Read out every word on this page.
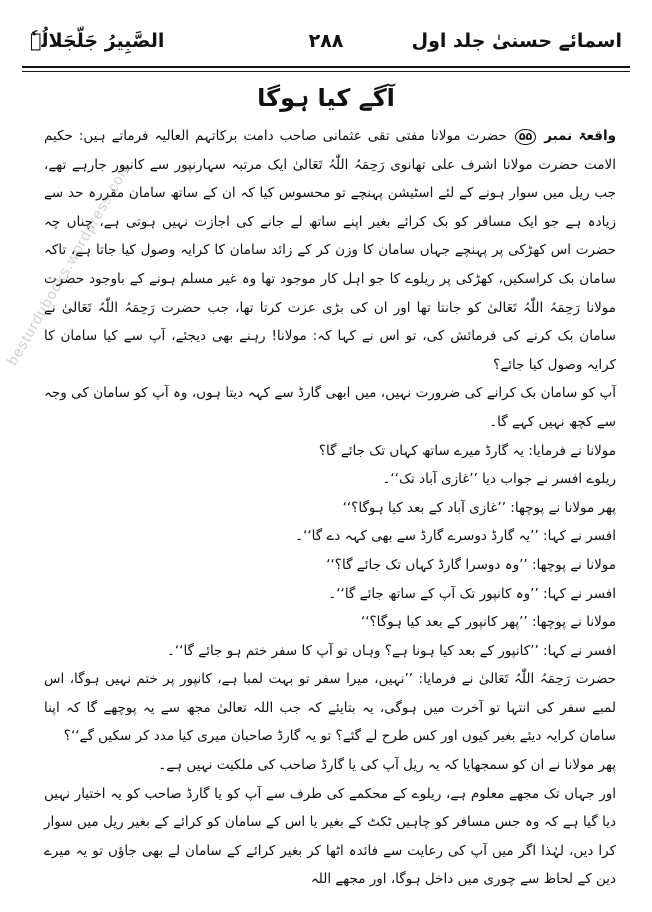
اسمائے حسنیٰ جلد اول
۲۸۸
الصَّبِیرُ جَلّجَلالُہٗ
besturdubooks.wordpress.com
آگے کیا ہوگا

واقعۃ نمبر ۵۵ حضرت مولانا مفتی تقی عثمانی صاحب دامت برکاتہم العالیہ فرماتے ہیں: حکیم الامت حضرت مولانا اشرف علی تھانوی رَحِمَہُ اللّٰہُ تَعَالیٰ ایک مرتبہ سہارنپور سے کانپور جارہے تھے، جب ریل میں سوار ہونے کے لئے اسٹیشن پہنچے تو محسوس کیا کہ ان کے ساتھ سامان مقررہ حد سے زیادہ ہے جو ایک مسافر کو بک کرائے بغیر اپنے ساتھ لے جانے کی اجازت نہیں ہوتی ہے، چناں چہ حضرت اس کھڑکی پر پہنچے جہاں سامان کا وزن کر کے زائد سامان کا کرایہ وصول کیا جاتا ہے، تاکہ سامان بک کراسکیں، کھڑکی پر ریلوے کا جو اہل کار موجود تھا وہ غیر مسلم ہونے کے باوجود حضرت مولانا رَحِمَہُ اللّٰہُ تَعَالیٰ کو جانتا تھا اور ان کی بڑی عزت کرتا تھا، جب حضرت رَحِمَہُ اللّٰہُ تَعَالیٰ نے سامان بک کرنے کی فرمائش کی، تو اس نے کہا کہ: مولانا! رہنے بھی دیجئے، آپ سے کیا سامان کا کرایہ وصول کیا جائے؟

آپ کو سامان بک کرانے کی ضرورت نہیں، میں ابھی گارڈ سے کہہ دیتا ہوں، وہ آپ کو سامان کی وجہ سے کچھ نہیں کہے گا۔

مولانا نے فرمایا: یہ گارڈ میرے ساتھ کہاں تک جائے گا؟

ریلوے افسر نے جواب دیا ’’غازی آباد تک‘‘۔

پھر مولانا نے پوچھا: ’’غازی آباد کے بعد کیا ہوگا؟‘‘

افسر نے کہا: ’’یہ گارڈ دوسرے گارڈ سے بھی کہہ دے گا‘‘۔

مولانا نے پوچھا: ’’وہ دوسرا گارڈ کہاں تک جائے گا؟‘‘

افسر نے کہا: ’’وہ کانپور تک آپ کے ساتھ جائے گا‘‘۔

مولانا نے پوچھا: ’’پھر کانپور کے بعد کیا ہوگا؟‘‘

افسر نے کہا: ’’کانپور کے بعد کیا ہونا ہے؟ وہاں تو آپ کا سفر ختم ہو جائے گا‘‘۔

حضرت رَحِمَہُ اللّٰہُ تَعَالیٰ نے فرمایا: ’’نہیں، میرا سفر تو بہت لمبا ہے، کانپور پر ختم نہیں ہوگا، اس لمبے سفر کی انتہا تو آخرت میں ہوگی، یہ بتایئے کہ جب اللہ تعالیٰ مجھ سے یہ پوچھے گا کہ اپنا سامان کرایہ دیئے بغیر کیوں اور کس طرح لے گئے؟ تو یہ گارڈ صاحبان میری کیا مدد کر سکیں گے‘‘؟

پھر مولانا نے ان کو سمجھایا کہ یہ ریل آپ کی یا گارڈ صاحب کی ملکیت نہیں ہے۔

اور جہاں تک مجھے معلوم ہے، ریلوے کے محکمے کی طرف سے آپ کو یا گارڈ صاحب کو یہ اختیار نہیں دیا گیا ہے کہ وہ جس مسافر کو چاہیں ٹکٹ کے بغیر یا اس کے سامان کو کرائے کے بغیر ریل میں سوار کرا دیں، لہٰذا اگر میں آپ کی رعایت سے فائدہ اٹھا کر بغیر کرائے کے سامان لے بھی جاؤں تو یہ میرے دین کے لحاظ سے چوری میں داخل ہوگا، اور مجھے اللہ
